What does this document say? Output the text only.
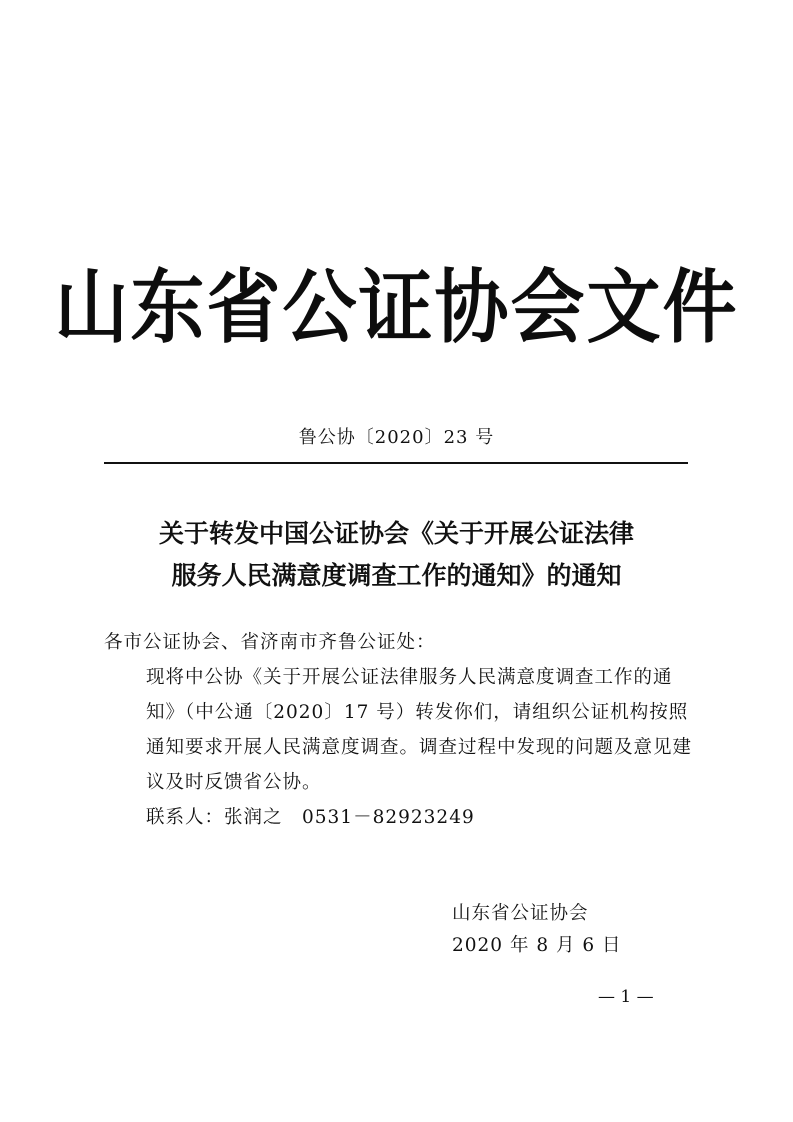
山东省公证协会文件
鲁公协〔2020〕23 号
关于转发中国公证协会《关于开展公证法律
服务人民满意度调查工作的通知》的通知
各市公证协会、省济南市齐鲁公证处：
现将中公协《关于开展公证法律服务人民满意度调查工作的通知》（中公通〔2020〕17 号）转发你们，请组织公证机构按照通知要求开展人民满意度调查。调查过程中发现的问题及意见建议及时反馈省公协。
联系人：张润之　0531－82923249
山东省公证协会
2020 年 8 月 6 日
— 1 —
